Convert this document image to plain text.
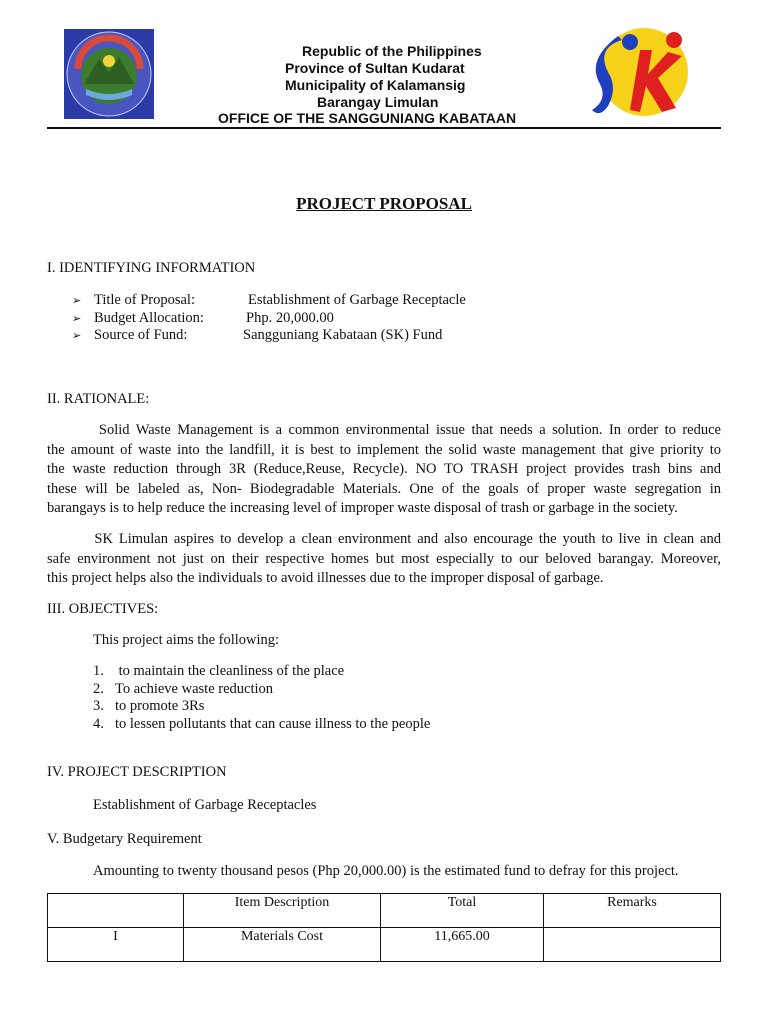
Republic of the Philippines
Province of Sultan Kudarat
Municipality of Kalamansig
Barangay Limulan
OFFICE OF THE SANGGUNIANG KABATAAN
PROJECT PROPOSAL
I. IDENTIFYING INFORMATION
➢ Title of Proposal:	Establishment of Garbage Receptacle
➢ Budget Allocation:	Php. 20,000.00
➢ Source of Fund:	Sangguniang Kabataan (SK) Fund
II. RATIONALE:
Solid Waste Management is a common environmental issue that needs a solution. In order to reduce
the amount of waste into the landfill, it is best to implement the solid waste management that give priority to
the waste reduction through 3R (Reduce,Reuse, Recycle). NO TO TRASH project provides trash bins and
these will be labeled as, Non- Biodegradable Materials. One of the goals of proper waste segregation in
barangays is to help reduce the increasing level of improper waste disposal of trash or garbage in the society.
SK Limulan aspires to develop a clean environment and also encourage the youth to live in clean and
safe environment not just on their respective homes but most especially to our beloved barangay. Moreover,
this project helps also the individuals to avoid illnesses due to the improper disposal of garbage.
III. OBJECTIVES:
This project aims the following:
1. to maintain the cleanliness of the place
2. To achieve waste reduction
3. to promote 3Rs
4. to lessen pollutants that can cause illness to the people
IV. PROJECT DESCRIPTION
Establishment of Garbage Receptacles
V. Budgetary Requirement
Amounting to twenty thousand pesos (Php 20,000.00) is the estimated fund to defray for this project.
	Item Description	Total	Remarks
I	Materials Cost	11,665.00	
